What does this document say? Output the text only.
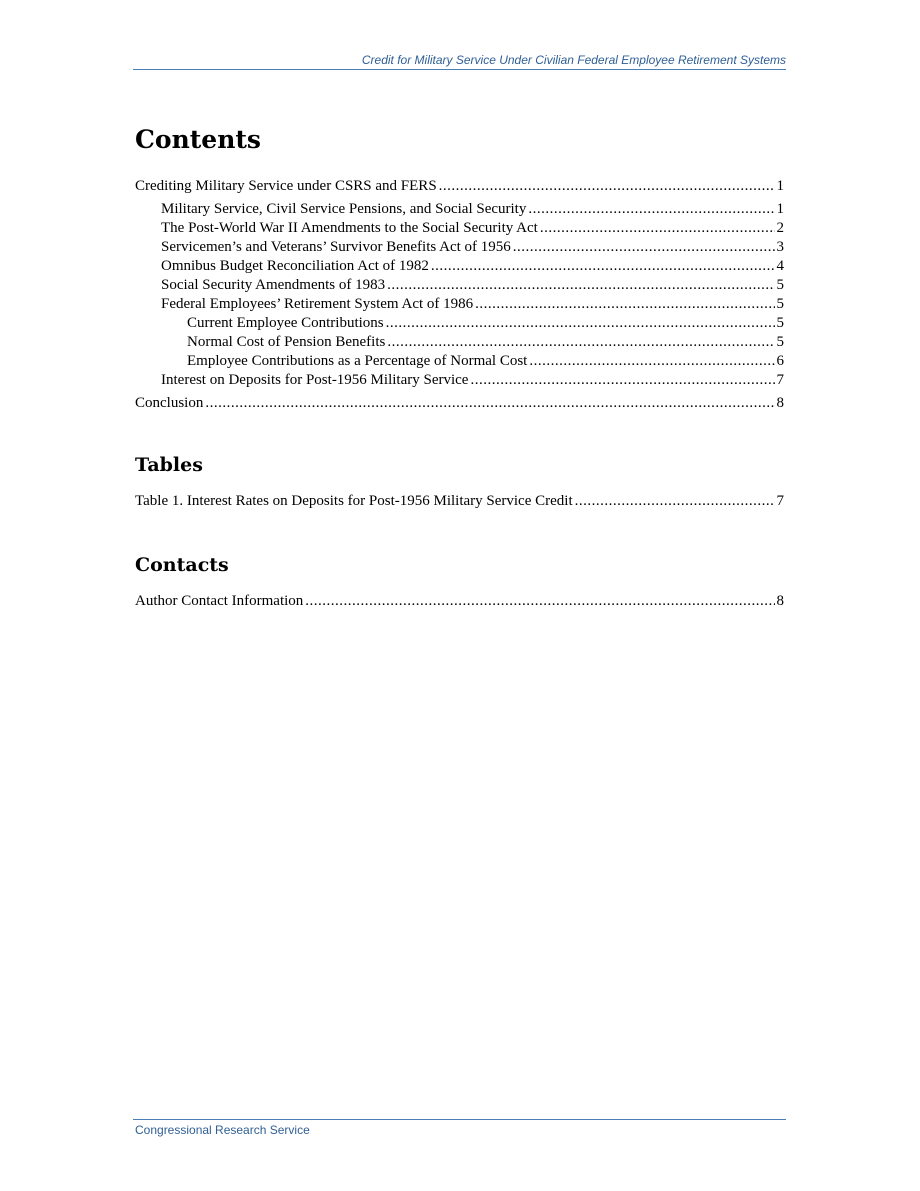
Credit for Military Service Under Civilian Federal Employee Retirement Systems
Contents
Crediting Military Service under CSRS and FERS .....	1
Military Service, Civil Service Pensions, and Social Security .....	1
The Post-World War II Amendments to the Social Security Act .....	2
Servicemen’s and Veterans’ Survivor Benefits Act of 1956 .....	3
Omnibus Budget Reconciliation Act of 1982 .....	4
Social Security Amendments of 1983 .....	5
Federal Employees’ Retirement System Act of 1986 .....	5
Current Employee Contributions .....	5
Normal Cost of Pension Benefits .....	5
Employee Contributions as a Percentage of Normal Cost .....	6
Interest on Deposits for Post-1956 Military Service .....	7
Conclusion .....	8
Tables
Table 1. Interest Rates on Deposits for Post-1956 Military Service Credit .....	7
Contacts
Author Contact Information .....	8
Congressional Research Service
